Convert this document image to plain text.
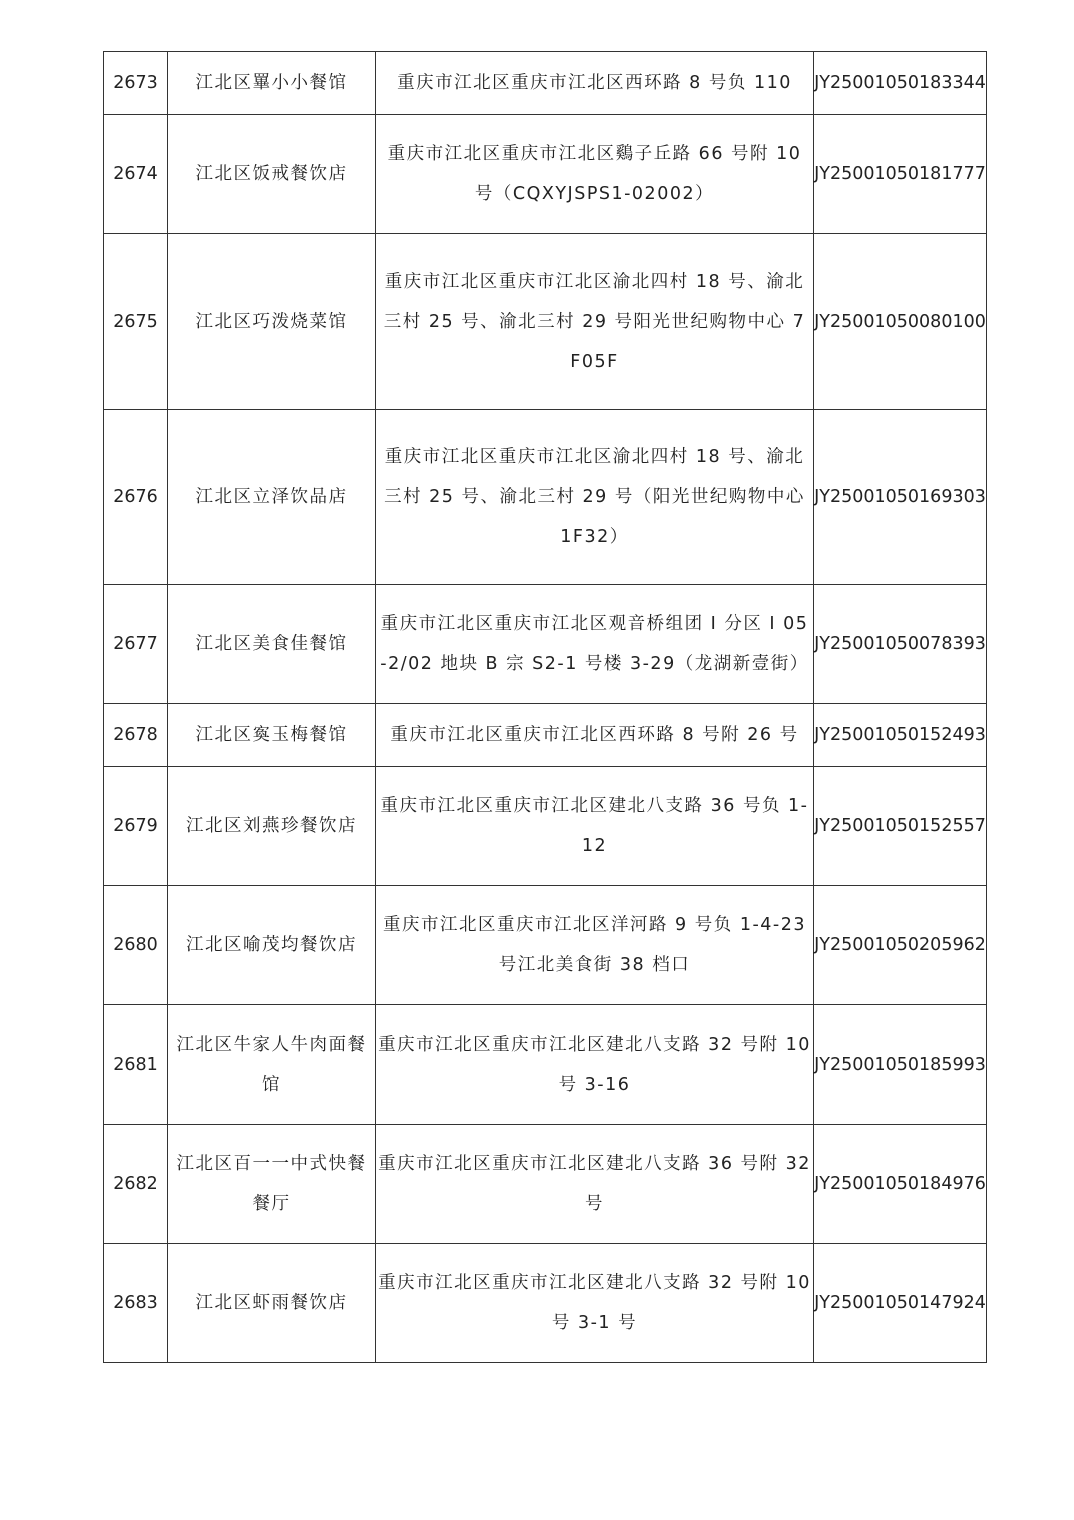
2673	江北区罼小小餐馆	重庆市江北区重庆市江北区西环路 8 号负 110	JY25001050183344
2674	江北区饭戒餐饮店	重庆市江北区重庆市江北区鷄子丘路 66 号附 10 号（CQXYJSPS1-02002）	JY25001050181777
2675	江北区巧泼烧菜馆	重庆市江北区重庆市江北区渝北四村 18 号、渝北三村 25 号、渝北三村 29 号阳光世纪购物中心 7F05F	JY25001050080100
2676	江北区立泽饮品店	重庆市江北区重庆市江北区渝北四村 18 号、渝北三村 25 号、渝北三村 29 号（阳光世纪购物中心 1F32）	JY25001050169303
2677	江北区美食佳餐馆	重庆市江北区重庆市江北区观音桥组团 I 分区 I 05-2/02 地块 B 宗 S2-1 号楼 3-29（龙湖新壹街）	JY25001050078393
2678	江北区寏玉梅餐馆	重庆市江北区重庆市江北区西环路 8 号附 26 号	JY25001050152493
2679	江北区刘燕珍餐饮店	重庆市江北区重庆市江北区建北八支路 36 号负 1-12	JY25001050152557
2680	江北区喻茂均餐饮店	重庆市江北区重庆市江北区洋河路 9 号负 1-4-23 号江北美食街 38 档口	JY25001050205962
2681	江北区牛家人牛肉面餐馆	重庆市江北区重庆市江北区建北八支路 32 号附 10 号 3-16	JY25001050185993
2682	江北区百一一中式快餐餐厅	重庆市江北区重庆市江北区建北八支路 36 号附 32 号	JY25001050184976
2683	江北区虾雨餐饮店	重庆市江北区重庆市江北区建北八支路 32 号附 10 号 3-1 号	JY25001050147924
